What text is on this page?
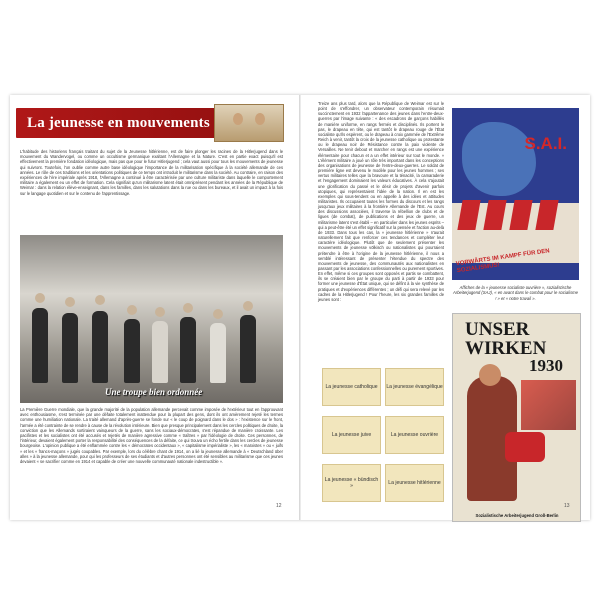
La jeunesse en mouvements
L'habitude des historiens français traitant du sujet de la Jeunesse hitlérienne, est de faire plonger les racines de la Hitlerjugend dans le mouvement du Wandervogel, ou comme un occultisme germanique exaltant l'Allemagne et la Nature. C'est en partie exact puisqu'il est effectivement la première fondation idéologique, mais pas que pour le futur Hitlerjugend ; cela vaut aussi pour tous les mouvements de jeunesse qui suivront. Toutefois, l'on oublie comme autre base idéologique l'importance de la militarisation spécifique à la société allemande de ces années. Le rôle de ces traditions et les orientations politiques de ce temps ont introduit le militarisme dans la société. Au contraire, en raison des expériences de l'ère impériale après 1918, l'Allemagne a continué à être caractérisée par une culture militariste dans laquelle le comportement militaire a également eu un effet de formation. Cela signifiait qu'un militarisme latent était omniprésent pendant les années de la République de Weimar : dans la relation élève-enseignant, dans les familles, dans les salutations dans la rue ou dans les bureaux, et il avait un impact à la fois sur le langage quotidien et sur le contenu de l'apprentissage.
Une troupe bien ordonnée
La Première Guerre mondiale, que la grande majorité de la population allemande percevait comme imposée de l'extérieur tout en l'approuvant avec enthousiasme, s'est terminée par une défaite totalement inattendue pour la plupart des gens, dont ils ont amèrement rejeté les termes comme une humiliation nationale. La traité allemand d'après-guerre se fonde sur « le coup de poignard dans le dos » : l'existence sur le front, l'armée a été contrainte de se rendre à cause de la révolution intérieure. Bien que presque principalement dans les cercles politiques de droite, la conviction que les Allemands sortiraient vainqueurs de la guerre, sans les sociaux-démocrates, s'est répandue de manière croissante. Les pacifistes et les socialistes ont été accusés et rejetés de manière agressive comme « traîtres » par l'idéologie de droite. Ces personnes, de l'intérieur, devaient également porter la responsabilité des conséquences de la défaite, ce qui trouva un écho fertile dans les cercles de jeunesse bourgeoise. L'opinion publique a été enflammée contre les « démocrates occidentaux », « capitalisme impérialiste », les « marxistes » ou « juifs » et les « francs-maçons » jugés coupables. Par exemple, lors du célèbre chant de 1914, on a lié la jeunesse allemande à « Deutschland über alles » à la jeunesse allemande, pour qui les professeurs de ses étudiants et d'autres personnes ont été sensibles au militarisme que ces jeunes devaient « se sacrifier comme en 1914 et capable de créer une nouvelle communauté nationale indestructible ».
12
Treize ans plus tard, alors que la République de Weimar est sur le point de s'effondrer, un observateur contemporain résumait succinctement en 1932 l'appartenance des jeunes dans l'entre-deux-guerres par l'image suivante : « des escadrons de garçons habillés de manière uniforme, en rangs fermés et disciplinés. Ils portent le pas, le drapeau en tête, qui est tantôt le drapeau rouge de l'État socialiste qu'ils espèrent, ou le drapeau à croix gammée de l'Extrême Reich à venir, tantôt la croix de la jeunesse catholique ou protestante ou le drapeau noir de Résistance contre la paix violente de Versailles. Ne tenir debout et marcher en rangs est une expérience élémentaire pour chacun et a un effet intérieur sur tout le monde. » L'élément militaire a joué un rôle très important dans les conceptions des organisations de jeunesse de l'entre-deux-guerres. Le soldat de première ligne est devenu le modèle pour les jeunes hommes ; ses vertus militaires telles que la bravoure et la ténacité, la camaraderie et l'engagement dominaient les valeurs éducatives. À cela s'ajoutait une glorification du passé et le désir de projets d'avenir parfois utopiques, qui représentaient l'idée de la nation. Il en est les exemples qui sous-tendent ou en appelle à des idées et attitudes militaristes. Ils occupaient toutes les formes du discours et les rangs jusqu'aux jeux militaires à la frontière Allemande de l'Est. Au cours des discussions associées, il traverse la rébellion de clubs et de ligues (de combat), de publications et des jeux de guerre, un militarisme latent s'est établi – en particulier dans les jeunes esprits – qui a peut-être été un effet significatif sur la pensée et l'action au-delà de 1933. Dans tous les cas, la « jeunesse hitlérienne » n'aurait naturellement fait que renforcer ces tendances et compléter leur caractère idéologique. Plutôt que de seulement présenter les mouvements de jeunesse völkisch ou nationalistes qui pourraient prétendre à être à l'origine de la jeunesse hitlérienne, il nous a semblé intéressant de présenter l'étendue du spectre des mouvements de jeunesse, des communautés aux nationalistes en passant par les associations confessionnelles ou purement sportives. En effet, même si ces groupes sont opposés et partis se combattent, ils se créaient bien par le groupe du parti à partir de 1933 pour former une jeunesse d'État unique, qui se défint à la vie synthèse de pratiques et d'expériences différentes ; un défi qui sera relevé par les cadres de la Hitlerjugend ! Pour l'heure, les six grandes familles de jeunes sont :
S.A.I.
VORWÄRTS IM KAMPF FÜR DEN SOZIALISMUS!
Affiches de la « jeunesse socialiste ouvrière », sozialistische Arbeiterjugend (SAJ), « en avant dans le combat pour le socialisme ! » et « notre travail ».
UNSER
WIRKEN
1930
Sozialistische Arbeiterjugend Groß-Berlin
La jeunesse catholique	La jeunesse évangélique
La jeunesse juive	La jeunesse ouvrière
La jeunesse « bündisch »
La jeunesse hitlérienne
13
